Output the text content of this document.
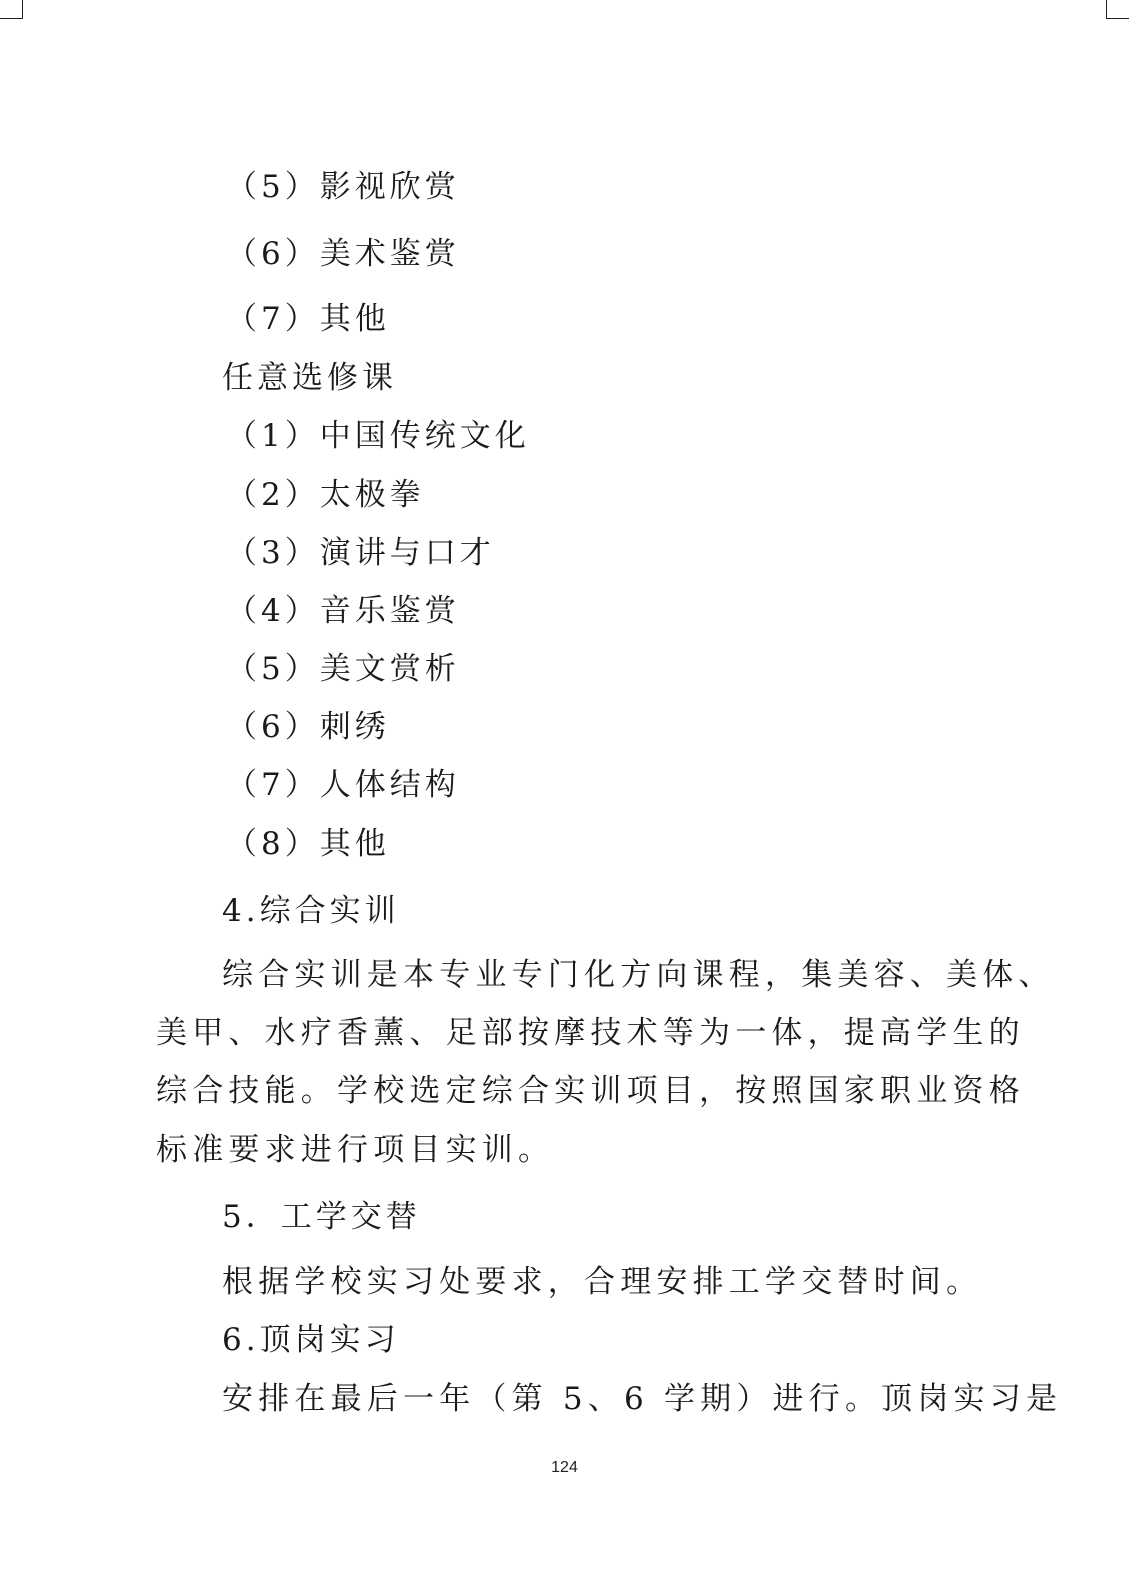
（5）影视欣赏
（6）美术鉴赏
（7）其他
任意选修课
（1）中国传统文化
（2）太极拳
（3）演讲与口才
（4）音乐鉴赏
（5）美文赏析
（6）刺绣
（7）人体结构
（8）其他
4.综合实训
综合实训是本专业专门化方向课程，集美容、美体、
美甲、水疗香薰、足部按摩技术等为一体，提高学生的
综合技能。学校选定综合实训项目，按照国家职业资格
标准要求进行项目实训。
5．工学交替
根据学校实习处要求，合理安排工学交替时间。
6.顶岗实习
安排在最后一年（第 5、6 学期）进行。顶岗实习是
124
